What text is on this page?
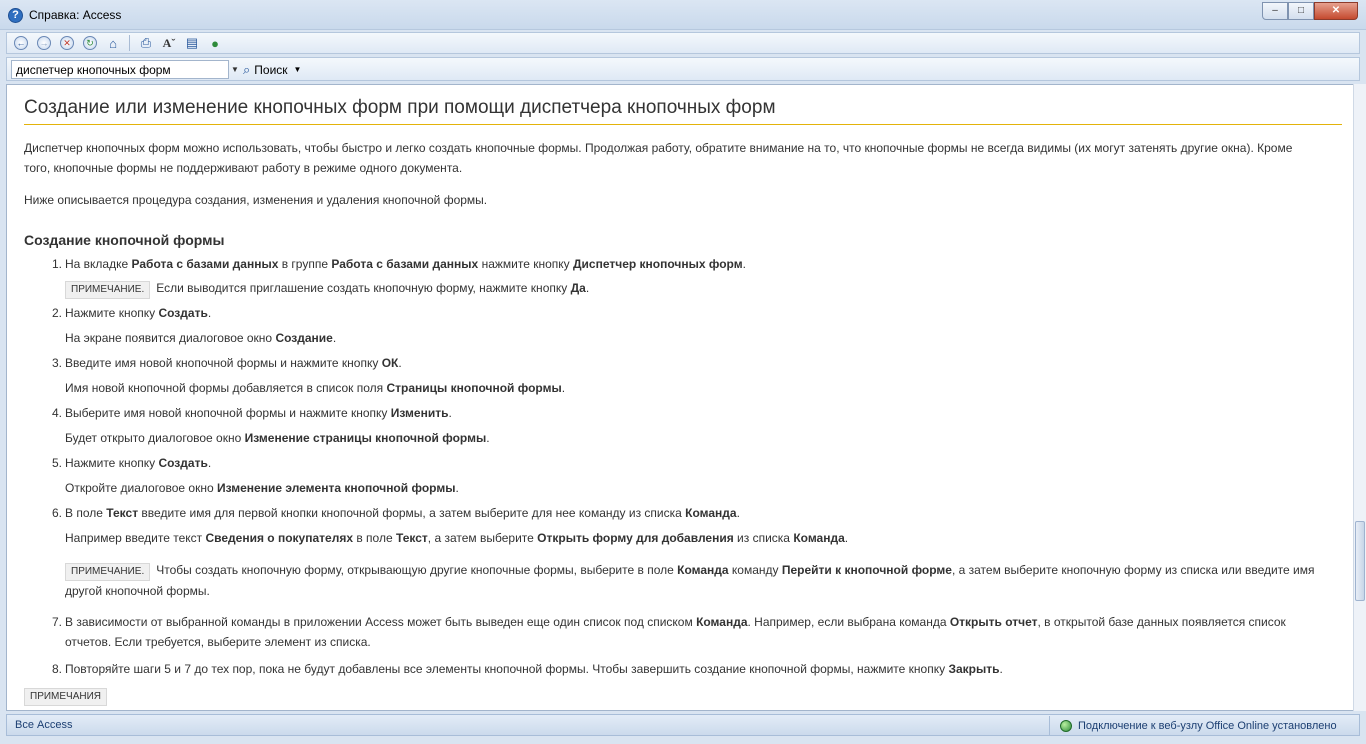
? Справка: Access	–	□	✕
← →	✕	↻	⌂	⎙ Aˇ ▤ ●
диспетчер кнопочных форм
▼ ⌕ Поиск ▼
Создание или изменение кнопочных форм при помощи диспетчера кнопочных форм
Диспетчер кнопочных форм можно использовать, чтобы быстро и легко создать кнопочные формы. Продолжая работу, обратите внимание на то, что кнопочные формы не всегда видимы (их могут затенять другие окна). Кроме
того, кнопочные формы не поддерживают работу в режиме одного документа.
Ниже описывается процедура создания, изменения и удаления кнопочной формы.
Создание кнопочной формы
1. На вкладке Работа с базами данных в группе Работа с базами данных нажмите кнопку Диспетчер кнопочных форм.
ПРИМЕЧАНИЕ. Если выводится приглашение создать кнопочную форму, нажмите кнопку Да.
2. Нажмите кнопку Создать.
На экране появится диалоговое окно Создание.
3. Введите имя новой кнопочной формы и нажмите кнопку ОК.
Имя новой кнопочной формы добавляется в список поля Страницы кнопочной формы.
4. Выберите имя новой кнопочной формы и нажмите кнопку Изменить.
Будет открыто диалоговое окно Изменение страницы кнопочной формы.
5. Нажмите кнопку Создать.
Откройте диалоговое окно Изменение элемента кнопочной формы.
6. В поле Текст введите имя для первой кнопки кнопочной формы, а затем выберите для нее команду из списка Команда.
Например введите текст Сведения о покупателях в поле Текст, а затем выберите Открыть форму для добавления из списка Команда.
ПРИМЕЧАНИЕ. Чтобы создать кнопочную форму, открывающую другие кнопочные формы, выберите в поле Команда команду Перейти к кнопочной форме, а затем выберите кнопочную форму из списка или введите имя
другой кнопочной формы.
7. В зависимости от выбранной команды в приложении Access может быть выведен еще один список под списком Команда. Например, если выбрана команда Открыть отчет, в открытой базе данных появляется список
отчетов. Если требуется, выберите элемент из списка.
8. Повторяйте шаги 5 и 7 до тех пор, пока не будут добавлены все элементы кнопочной формы. Чтобы завершить создание кнопочной формы, нажмите кнопку Закрыть.
ПРИМЕЧАНИЯ
Все Access	Подключение к веб-узлу Office Online установлено
